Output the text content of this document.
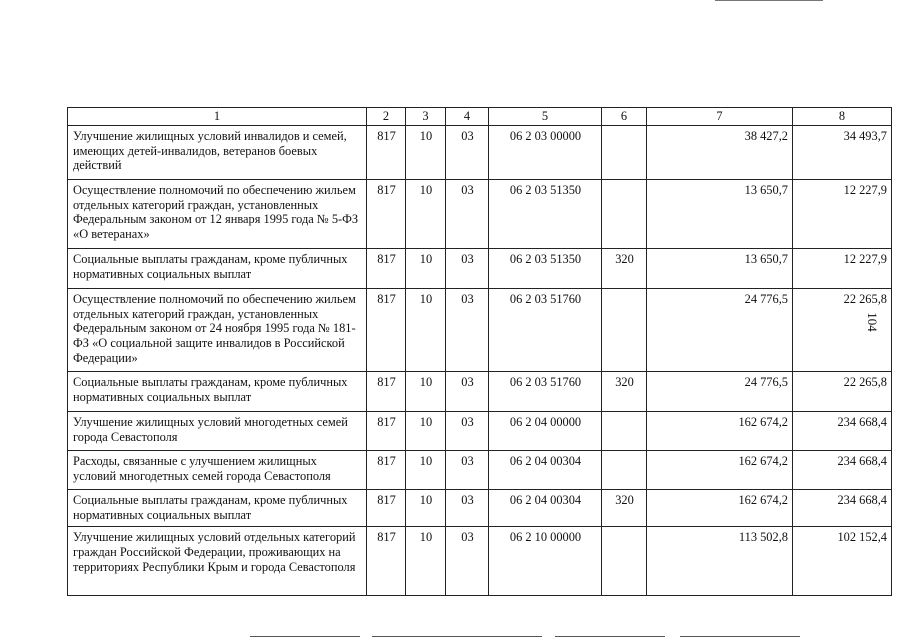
104
1	2	3	4	5	6	7	8
Улучшение жилищных условий инвалидов и семей, имеющих детей-инвалидов, ветеранов боевых действий	817	10	03	06 2 03 00000		38 427,2	34 493,7
Осуществление полномочий по обеспечению жильем отдельных категорий граждан, установленных Федеральным законом от 12 января 1995 года № 5-ФЗ «О ветеранах»	817	10	03	06 2 03 51350		13 650,7	12 227,9
Социальные выплаты гражданам, кроме публичных нормативных социальных выплат	817	10	03	06 2 03 51350	320	13 650,7	12 227,9
Осуществление полномочий по обеспечению жильем отдельных категорий граждан, установленных Федеральным законом от 24 ноября 1995 года № 181-ФЗ «О социальной защите инвалидов в Российской Федерации»	817	10	03	06 2 03 51760		24 776,5	22 265,8
Социальные выплаты гражданам, кроме публичных нормативных социальных выплат	817	10	03	06 2 03 51760	320	24 776,5	22 265,8
Улучшение жилищных условий многодетных семей города Севастополя	817	10	03	06 2 04 00000		162 674,2	234 668,4
Расходы, связанные с улучшением жилищных условий многодетных семей города Севастополя	817	10	03	06 2 04 00304		162 674,2	234 668,4
Социальные выплаты гражданам, кроме публичных нормативных социальных выплат	817	10	03	06 2 04 00304	320	162 674,2	234 668,4
Улучшение жилищных условий отдельных категорий граждан Российской Федерации, проживающих на территориях Республики Крым и города Севастополя	817	10	03	06 2 10 00000		113 502,8	102 152,4
